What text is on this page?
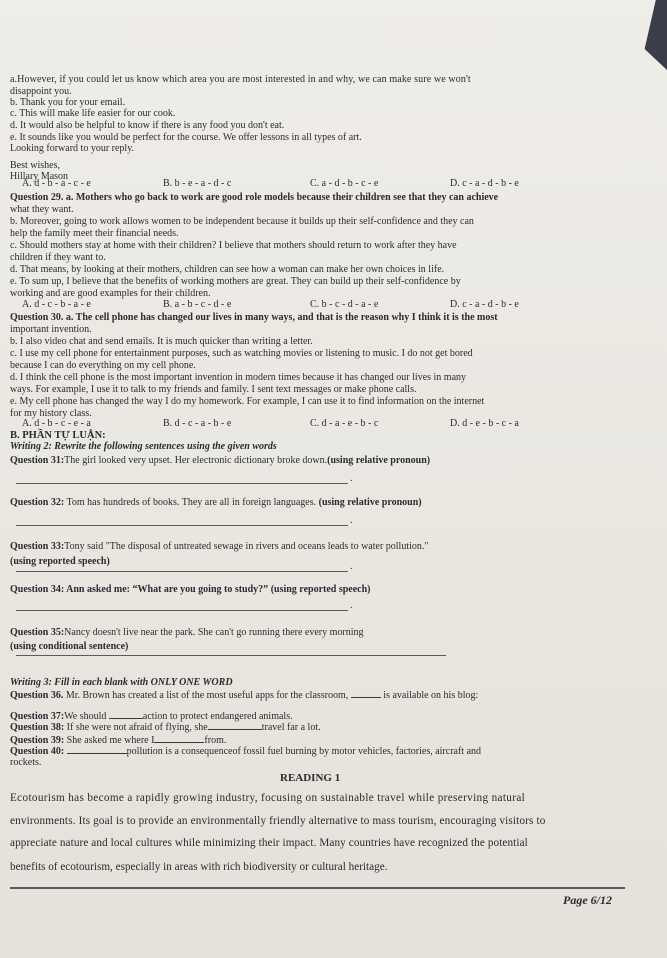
a.However, if you could let us know which area you are most interested in and why, we can make sure we won't
disappoint you.
b. Thank you for your email.
c. This will make life easier for our cook.
d. It would also be helpful to know if there is any food you don't eat.
e. It sounds like you would be perfect for the course. We offer lessons in all types of art.
Looking forward to your reply.
Best wishes,
Hillary Mason
A. d - b - a - c - e	B. b - e - a - d - c	C. a - d - b - c - e	D. c - a - d - b - e
Question 29. a. Mothers who go back to work are good role models because their children see that they can achieve
what they want.
b. Moreover, going to work allows women to be independent because it builds up their self-confidence and they can
help the family meet their financial needs.
c. Should mothers stay at home with their children? I believe that mothers should return to work after they have
children if they want to.
d. That means, by looking at their mothers, children can see how a woman can make her own choices in life.
e. To sum up, I believe that the benefits of working mothers are great. They can build up their self-confidence by
working and are good examples for their children.
A. d - c - b - a - e	B. a - b - c - d - e	C. b - c - d - a - e	D. c - a - d - b - e
Question 30. a. The cell phone has changed our lives in many ways, and that is the reason why I think it is the most
important invention.
b. I also video chat and send emails. It is much quicker than writing a letter.
c. I use my cell phone for entertainment purposes, such as watching movies or listening to music. I do not get bored
because I can do everything on my cell phone.
d. I think the cell phone is the most important invention in modern times because it has changed our lives in many
ways. For example, I use it to talk to my friends and family. I sent text messages or make phone calls.
e. My cell phone has changed the way I do my homework. For example, I can use it to find information on the internet
for my history class.
A. d - b - c - e - a	B. d - c - a - b - e	C. d - a - e - b - c	D. d - e - b - c - a
B. PHẦN TỰ LUẬN:
Writing 2: Rewrite the following sentences using the given words
Question 31:The girl looked very upset. Her electronic dictionary broke down.(using relative pronoun)
.
Question 32: Tom has hundreds of books. They are all in foreign languages. (using relative pronoun)
.
Question 33:Tony said "The disposal of untreated sewage in rivers and oceans leads to water pollution."
(using reported speech)	.
Question 34: Ann asked me: “What are you going to study?” (using reported speech)
.
Question 35:Nancy doesn't live near the park. She can't go running there every morning
(using conditional sentence)
Writing 3: Fill in each blank with ONLY ONE WORD
Question 36. Mr. Brown has created a list of the most useful apps for the classroom,	is available on his blog:
Question 37:We should	action to protect endangered animals.
Question 38: If she were not afraid of flying, she	travel far a lot.
Question 39: She asked me where I	from.
Question 40:	pollution is a consequenceof fossil fuel burning by motor vehicles, factories, aircraft and
rockets.
READING 1
Ecotourism has become a rapidly growing industry, focusing on sustainable travel while preserving natural
environments. Its goal is to provide an environmentally friendly alternative to mass tourism, encouraging visitors to
appreciate nature and local cultures while minimizing their impact. Many countries have recognized the potential
benefits of ecotourism, especially in areas with rich biodiversity or cultural heritage.
Page 6/12
